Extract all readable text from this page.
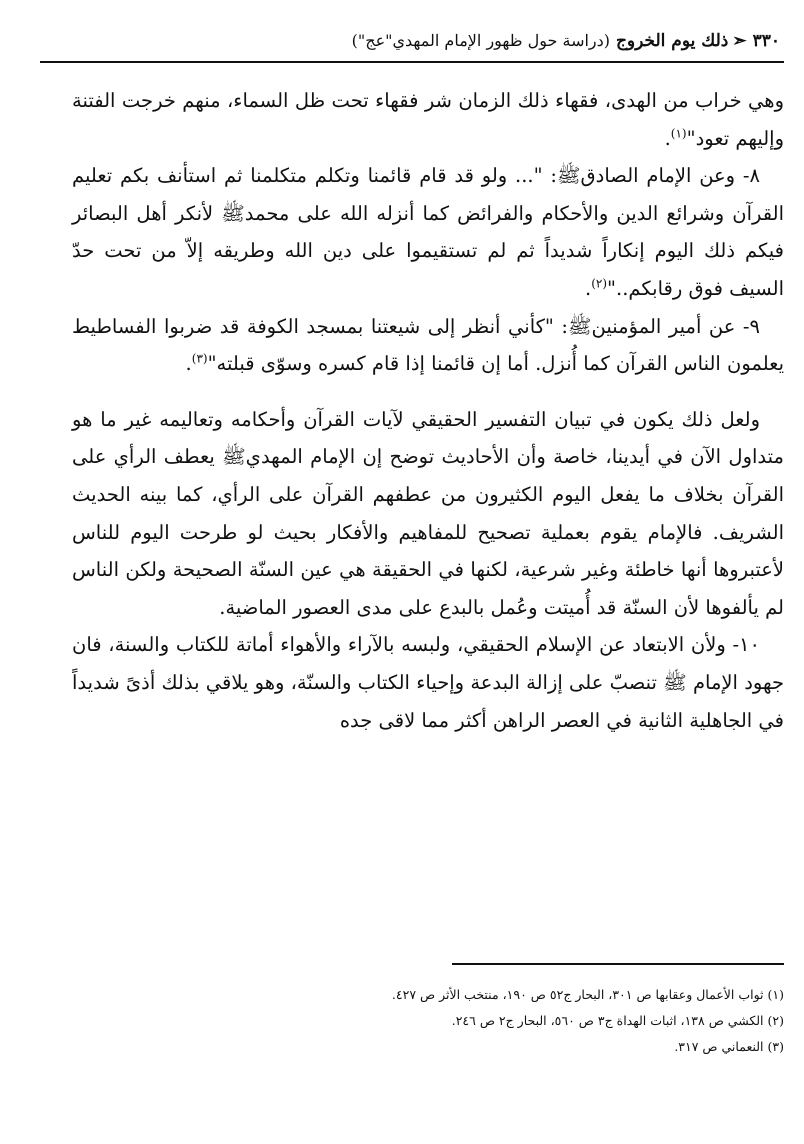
٣٣٠➣ذلك يوم الخروج (دراسة حول ظهور الإمام المهدي"عج")

وهي خراب من الهدى، فقهاء ذلك الزمان شر فقهاء تحت ظل السماء، منهم خرجت الفتنة وإليهم تعود"$^{(١)}$.

٨- وعن الإمام الصادقﷺ: "... ولو قد قام قائمنا وتكلم متكلمنا ثم استأنف بكم تعليم القرآن وشرائع الدين والأحكام والفرائض كما أنزله الله على محمدﷺ لأنكر أهل البصائر فيكم ذلك اليوم إنكاراً شديداً ثم لم تستقيموا على دين الله وطريقه إلاّ من تحت حدّ السيف فوق رقابكم.."$^{(٢)}$.

٩- عن أمير المؤمنينﷺ: "كأني أنظر إلى شيعتنا بمسجد الكوفة قد ضربوا الفساطيط يعلمون الناس القرآن كما أُنزل. أما إن قائمنا إذا قام كسره وسوّى قبلته"$^{(٣)}$.

ولعل ذلك يكون في تبيان التفسير الحقيقي لآيات القرآن وأحكامه وتعاليمه غير ما هو متداول الآن في أيدينا، خاصة وأن الأحاديث توضح إن الإمام المهديﷺ يعطف الرأي على القرآن بخلاف ما يفعل اليوم الكثيرون من عطفهم القرآن على الرأي، كما بينه الحديث الشريف. فالإمام يقوم بعملية تصحيح للمفاهيم والأفكار بحيث لو طرحت اليوم للناس لأعتبروها أنها خاطئة وغير شرعية، لكنها في الحقيقة هي عين السنّة الصحيحة ولكن الناس لم يألفوها لأن السنّة قد أُميتت وعُمل بالبدع على مدى العصور الماضية.

١٠- ولأن الابتعاد عن الإسلام الحقيقي، ولبسه بالآراء والأهواء أماتة للكتاب والسنة، فان جهود الإمام ﷺ تنصبّ على إزالة البدعة وإحياء الكتاب والسنّة، وهو يلاقي بذلك أذىً شديداً في الجاهلية الثانية في العصر الراهن أكثر مما لاقى جده

(١) ثواب الأعمال وعقابها ص ٣٠١، البحار ج٥٢ ص ١٩٠، منتخب الأثر ص ٤٢٧.
(٢) الكشي ص ١٣٨، اثبات الهداة ج٣ ص ٥٦٠، البحار ج٢ ص ٢٤٦.
(٣) النعماني ص ٣١٧.
